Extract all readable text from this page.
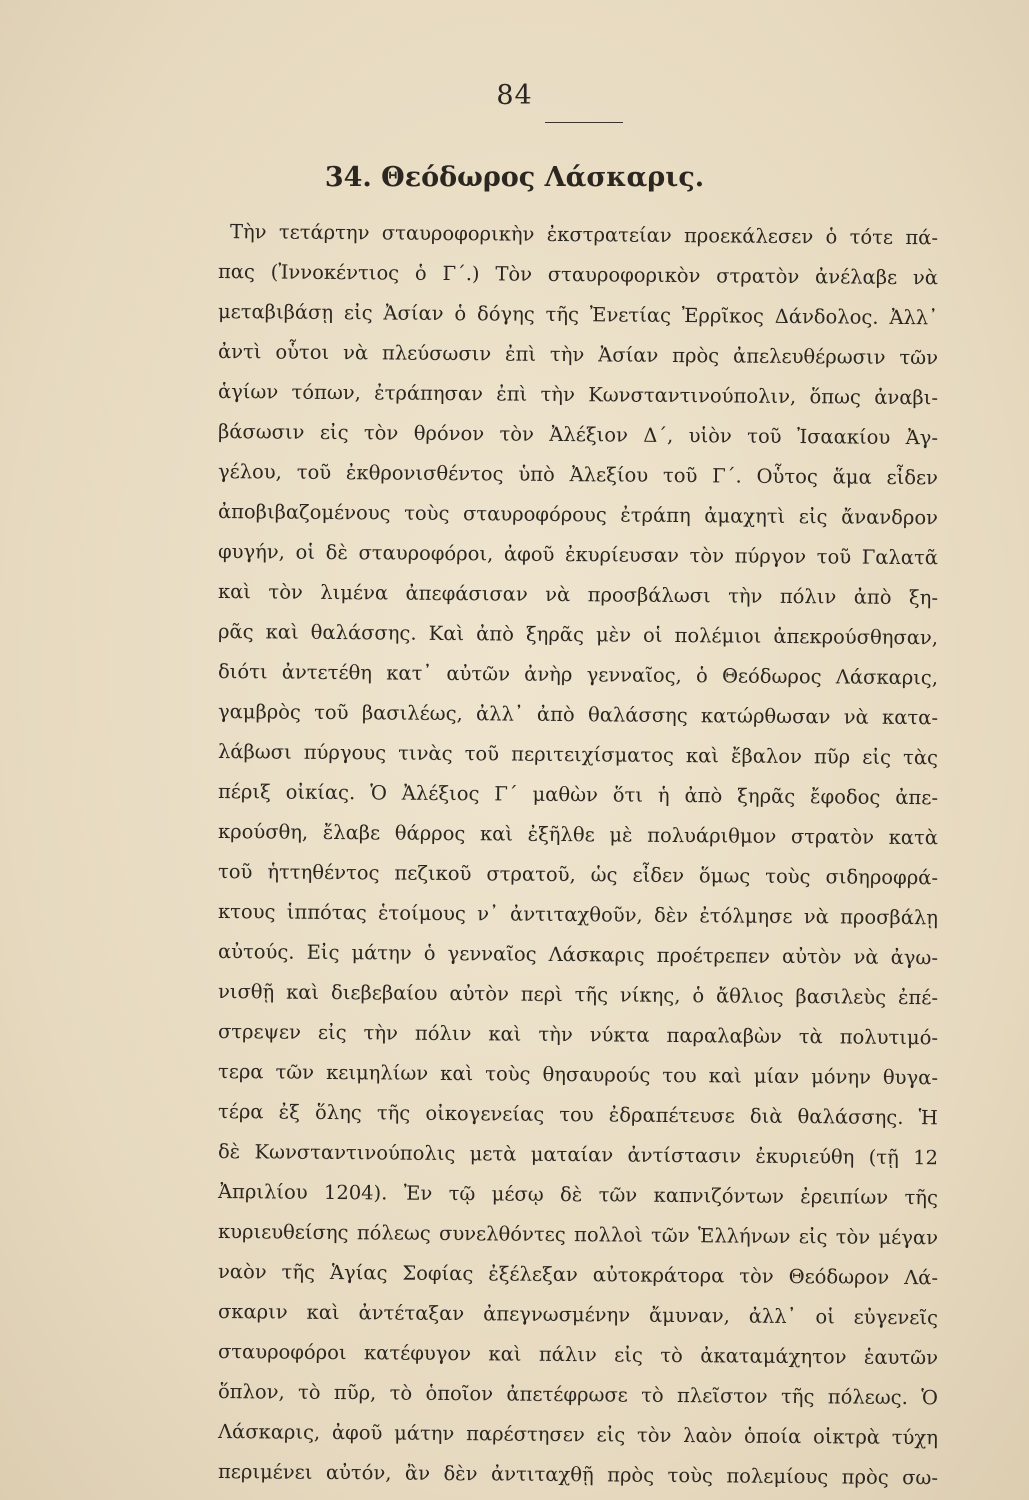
84
34. Θεόδωρος Λάσκαρις.
Τὴν τετάρτην σταυροφορικὴν ἐκστρατείαν προεκάλεσεν ὁ τότε πά-
πας (Ἰννοκέντιος ὁ Γ΄.) Τὸν σταυροφορικὸν στρατὸν ἀνέλαβε νὰ
μεταβιβάσῃ εἰς Ἀσίαν ὁ δόγης τῆς Ἐνετίας Ἐρρῖκος Δάνδολος. Ἀλλ᾿
ἀντὶ οὗτοι νὰ πλεύσωσιν ἐπὶ τὴν Ἀσίαν πρὸς ἀπελευθέρωσιν τῶν
ἁγίων τόπων, ἐτράπησαν ἐπὶ τὴν Κωνσταντινούπολιν, ὅπως ἀναβι-
βάσωσιν εἰς τὸν θρόνον τὸν Ἀλέξιον Δ΄, υἱὸν τοῦ Ἰσαακίου Ἀγ-
γέλου, τοῦ ἐκθρονισθέντος ὑπὸ Ἀλεξίου τοῦ Γ΄. Οὗτος ἅμα εἶδεν
ἀποβιβαζομένους τοὺς σταυροφόρους ἐτράπη ἀμαχητὶ εἰς ἄνανδρον
φυγήν, οἱ δὲ σταυροφόροι, ἀφοῦ ἐκυρίευσαν τὸν πύργον τοῦ Γαλατᾶ
καὶ τὸν λιμένα ἀπεφάσισαν νὰ προσβάλωσι τὴν πόλιν ἀπὸ ξη-
ρᾶς καὶ θαλάσσης. Καὶ ἀπὸ ξηρᾶς μὲν οἱ πολέμιοι ἀπεκρούσθησαν,
διότι ἀντετέθη κατ᾿ αὐτῶν ἀνὴρ γενναῖος, ὁ Θεόδωρος Λάσκαρις,
γαμβρὸς τοῦ βασιλέως, ἀλλ᾿ ἀπὸ θαλάσσης κατώρθωσαν νὰ κατα-
λάβωσι πύργους τινὰς τοῦ περιτειχίσματος καὶ ἔβαλον πῦρ εἰς τὰς
πέριξ οἰκίας. Ὁ Ἀλέξιος Γ΄ μαθὼν ὅτι ἡ ἀπὸ ξηρᾶς ἔφοδος ἀπε-
κρούσθη, ἔλαβε θάρρος καὶ ἐξῆλθε μὲ πολυάριθμον στρατὸν κατὰ
τοῦ ἡττηθέντος πεζικοῦ στρατοῦ, ὡς εἶδεν ὅμως τοὺς σιδηροφρά-
κτους ἱππότας ἑτοίμους ν᾿ ἀντιταχθοῦν, δὲν ἐτόλμησε νὰ προσβάλῃ
αὐτούς. Εἰς μάτην ὁ γενναῖος Λάσκαρις προέτρεπεν αὐτὸν νὰ ἀγω-
νισθῇ καὶ διεβεβαίου αὐτὸν περὶ τῆς νίκης, ὁ ἄθλιος βασιλεὺς ἐπέ-
στρεψεν εἰς τὴν πόλιν καὶ τὴν νύκτα παραλαβὼν τὰ πολυτιμό-
τερα τῶν κειμηλίων καὶ τοὺς θησαυρούς του καὶ μίαν μόνην θυγα-
τέρα ἐξ ὅλης τῆς οἰκογενείας του ἐδραπέτευσε διὰ θαλάσσης. Ἡ
δὲ Κωνσταντινούπολις μετὰ ματαίαν ἀντίστασιν ἐκυριεύθη (τῇ 12
Ἀπριλίου 1204). Ἐν τῷ μέσῳ δὲ τῶν καπνιζόντων ἐρειπίων τῆς
κυριευθείσης πόλεως συνελθόντες πολλοὶ τῶν Ἑλλήνων εἰς τὸν μέγαν
ναὸν τῆς Ἁγίας Σοφίας ἐξέλεξαν αὐτοκράτορα τὸν Θεόδωρον Λά-
σκαριν καὶ ἀντέταξαν ἀπεγνωσμένην ἄμυναν, ἀλλ᾿ οἱ εὐγενεῖς
σταυροφόροι κατέφυγον καὶ πάλιν εἰς τὸ ἀκαταμάχητον ἑαυτῶν
ὅπλον, τὸ πῦρ, τὸ ὁποῖον ἀπετέφρωσε τὸ πλεῖστον τῆς πόλεως. Ὁ
Λάσκαρις, ἀφοῦ μάτην παρέστησεν εἰς τὸν λαὸν ὁποία οἰκτρὰ τύχη
περιμένει αὐτόν, ἂν δὲν ἀντιταχθῇ πρὸς τοὺς πολεμίους πρὸς σω-
